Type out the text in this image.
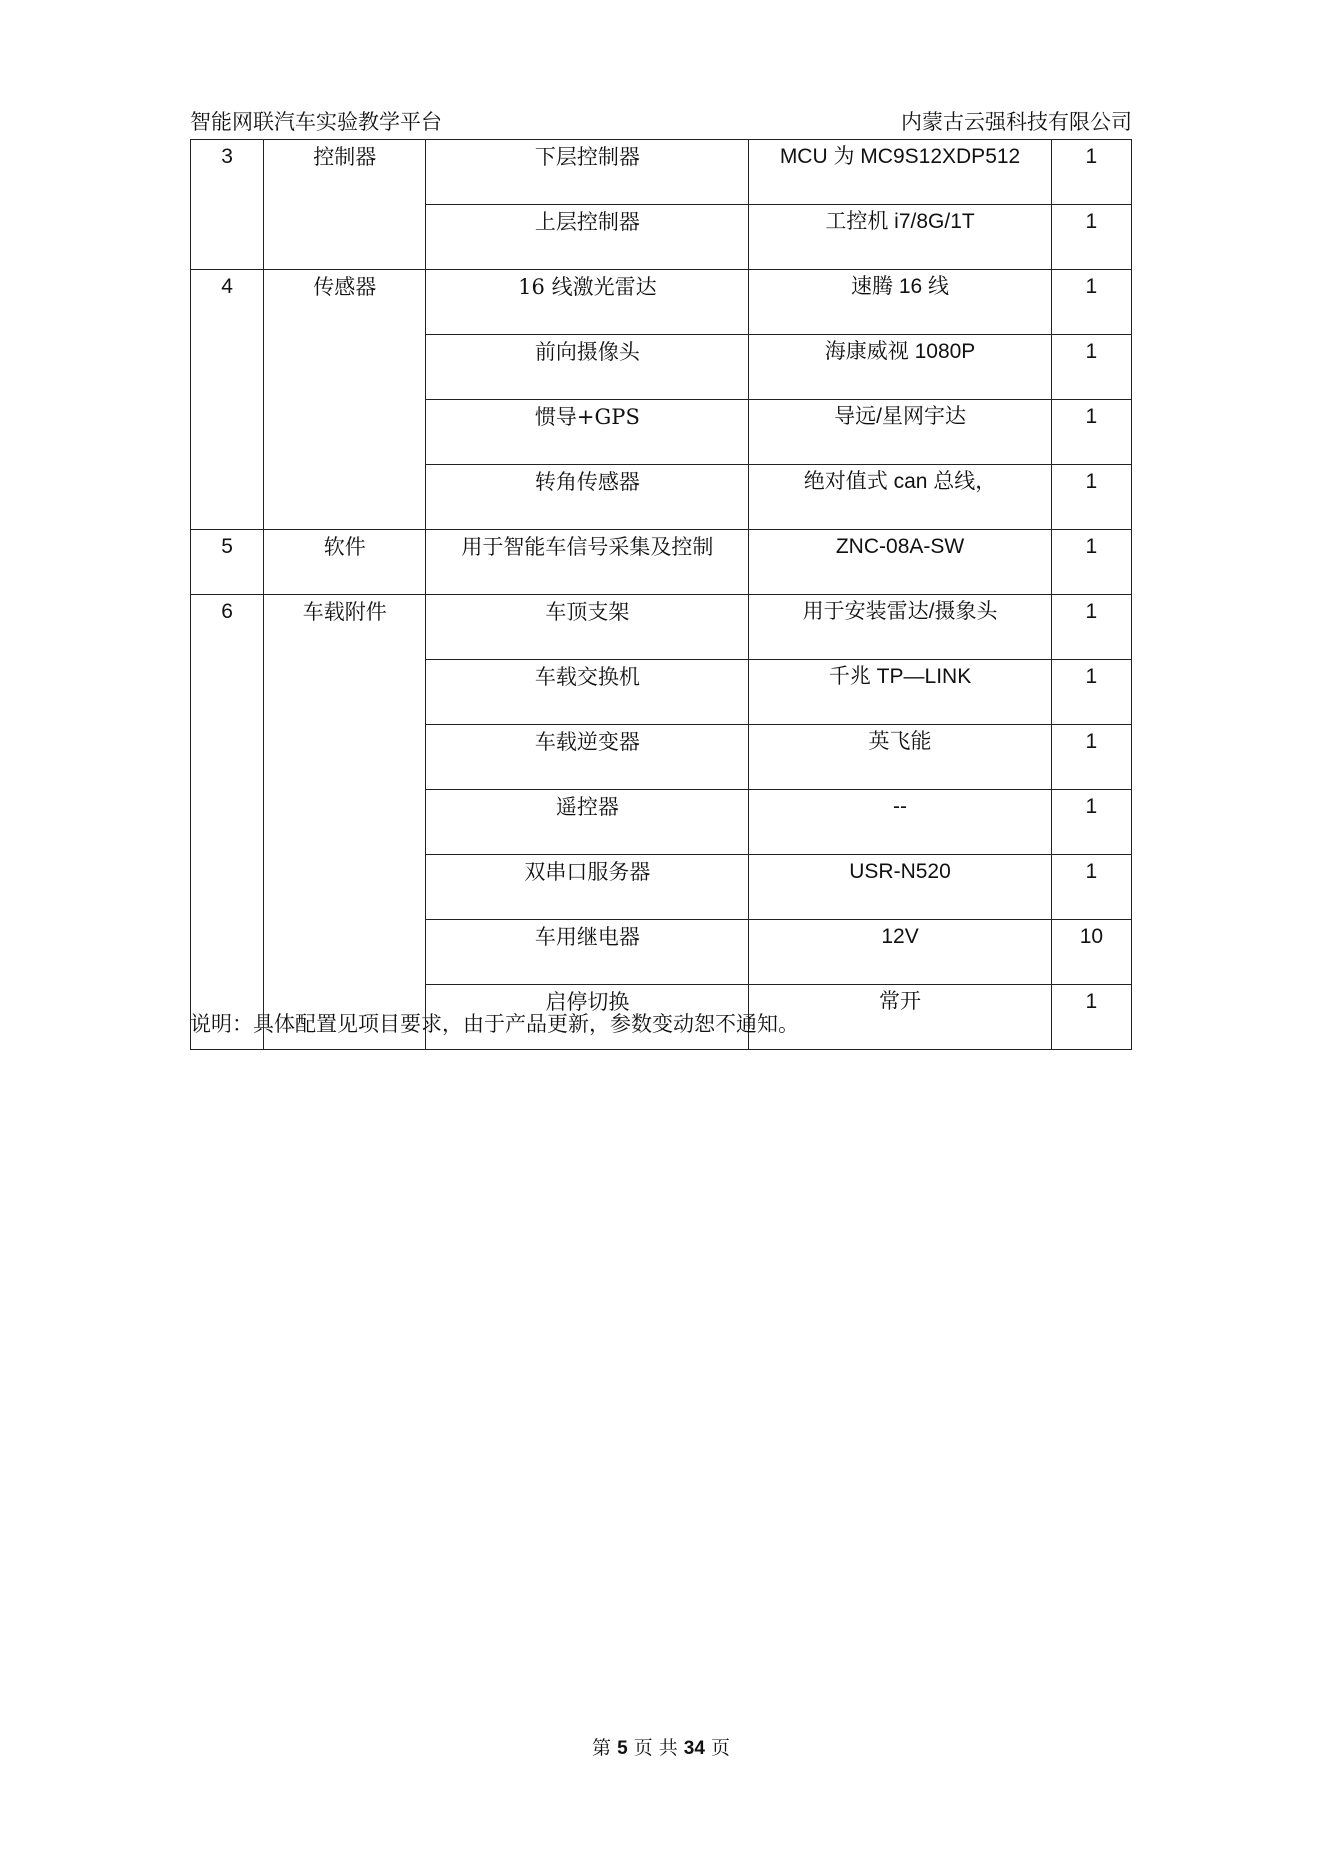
智能网联汽车实验教学平台	内蒙古云强科技有限公司
3	控制器	下层控制器	MCU 为 MC9S12XDP512	1
		上层控制器	工控机 i7/8G/1T	1
4	传感器	16 线激光雷达	速腾 16 线	1
		前向摄像头	海康威视 1080P	1
		惯导+GPS	导远/星网宇达	1
		转角传感器	绝对值式 can 总线，	1
5	软件	用于智能车信号采集及控制	ZNC-08A-SW	1
6	车载附件	车顶支架	用于安装雷达/摄象头	1
		车载交换机	千兆 TP—LINK	1
		车载逆变器	英飞能	1
		遥控器	--	1
		双串口服务器	USR-N520	1
		车用继电器	12V	10
		启停切换	常开	1
说明：具体配置见项目要求，由于产品更新，参数变动恕不通知。
第 5 页 共 34 页
